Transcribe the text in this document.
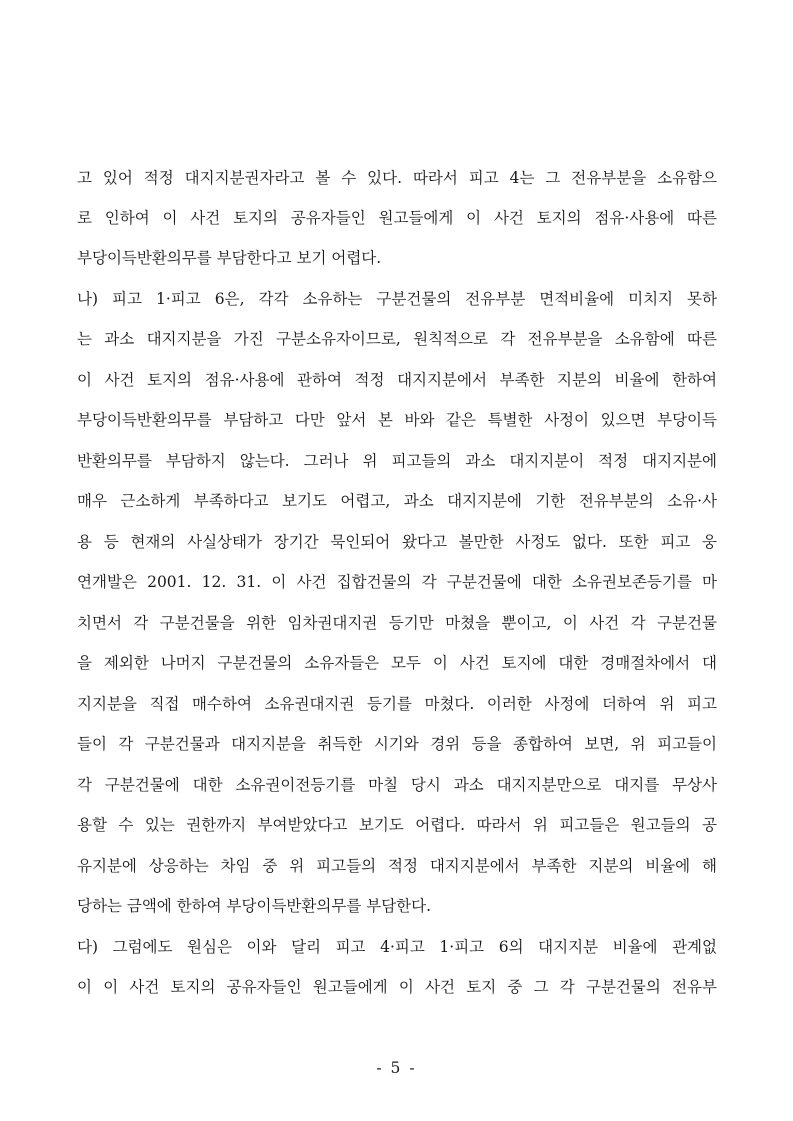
고 있어 적정 대지지분권자라고 볼 수 있다. 따라서 피고 4는 그 전유부분을 소유함으
로 인하여 이 사건 토지의 공유자들인 원고들에게 이 사건 토지의 점유·사용에 따른
부당이득반환의무를 부담한다고 보기 어렵다.
나) 피고 1·피고 6은, 각각 소유하는 구분건물의 전유부분 면적비율에 미치지 못하
는 과소 대지지분을 가진 구분소유자이므로, 원칙적으로 각 전유부분을 소유함에 따른
이 사건 토지의 점유·사용에 관하여 적정 대지지분에서 부족한 지분의 비율에 한하여
부당이득반환의무를 부담하고 다만 앞서 본 바와 같은 특별한 사정이 있으면 부당이득
반환의무를 부담하지 않는다. 그러나 위 피고들의 과소 대지지분이 적정 대지지분에
매우 근소하게 부족하다고 보기도 어렵고, 과소 대지지분에 기한 전유부분의 소유·사
용 등 현재의 사실상태가 장기간 묵인되어 왔다고 볼만한 사정도 없다. 또한 피고 웅
연개발은 2001. 12. 31. 이 사건 집합건물의 각 구분건물에 대한 소유권보존등기를 마
치면서 각 구분건물을 위한 임차권대지권 등기만 마쳤을 뿐이고, 이 사건 각 구분건물
을 제외한 나머지 구분건물의 소유자들은 모두 이 사건 토지에 대한 경매절차에서 대
지지분을 직접 매수하여 소유권대지권 등기를 마쳤다. 이러한 사정에 더하여 위 피고
들이 각 구분건물과 대지지분을 취득한 시기와 경위 등을 종합하여 보면, 위 피고들이
각 구분건물에 대한 소유권이전등기를 마칠 당시 과소 대지지분만으로 대지를 무상사
용할 수 있는 권한까지 부여받았다고 보기도 어렵다. 따라서 위 피고들은 원고들의 공
유지분에 상응하는 차임 중 위 피고들의 적정 대지지분에서 부족한 지분의 비율에 해
당하는 금액에 한하여 부당이득반환의무를 부담한다.
다) 그럼에도 원심은 이와 달리 피고 4·피고 1·피고 6의 대지지분 비율에 관계없
이 이 사건 토지의 공유자들인 원고들에게 이 사건 토지 중 그 각 구분건물의 전유부
- 5 -
